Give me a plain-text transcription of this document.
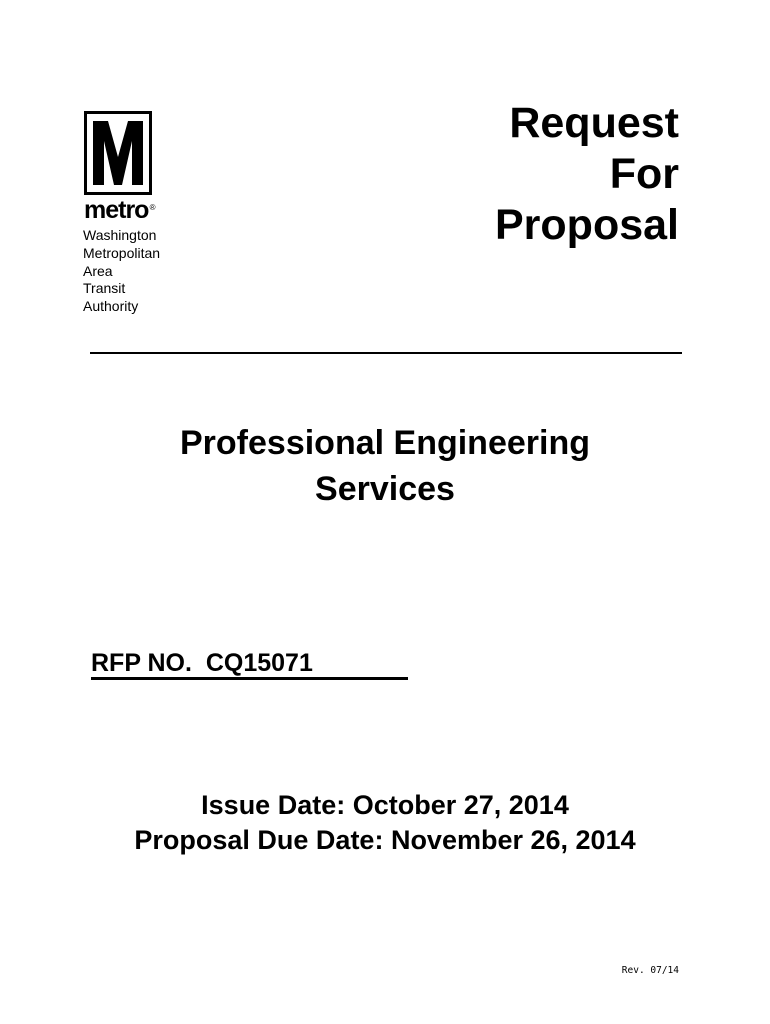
metro ®
Washington
Metropolitan
Area
Transit
Authority
Request
For
Proposal
Professional Engineering
Services
RFP NO.  CQ15071
Issue Date: October 27, 2014
Proposal Due Date: November 26, 2014
Rev. 07/14
